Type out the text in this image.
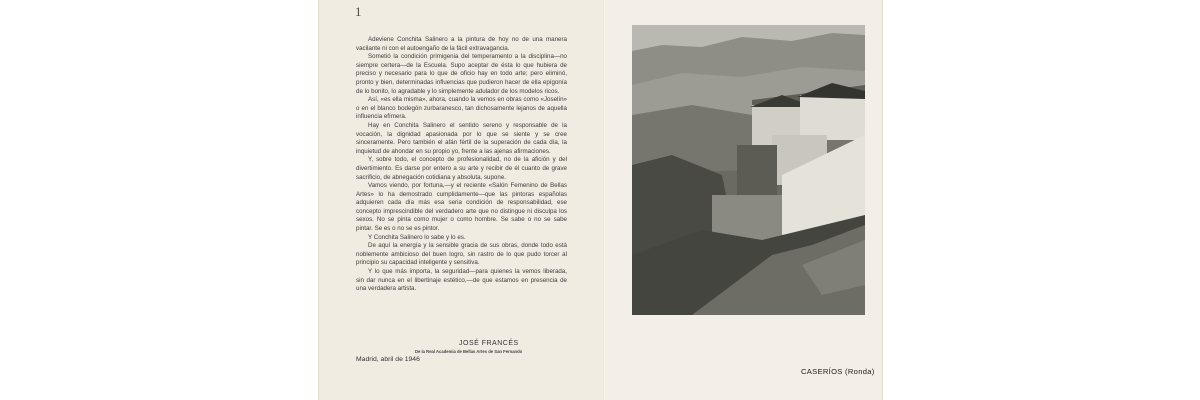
1

Adeviene Conchita Salinero a la pintura de hoy no de una manera vacilante ni con el autoengaño de la fácil extravagancia.

Sometió la condición primigenia del temperamento a la disciplina—no siempre certera—de la Escuela. Supo aceptar de ésta lo que hubiera de preciso y necesario para lo que de oficio hay en todo arte; pero eliminó, pronto y bien, determinadas influencias que pudieron hacer de ella epígonía de lo bonito, lo agradable y lo simplemente adulador de los modelos ricos.

Así, «es ella misma», ahora, cuando la vemos en obras como «Joselín» o en el blanco bodegón zurbaranesco, tan dichosamente lejanos de aquella influencia efímera.

Hay en Conchita Salinero el sentido sereno y responsable de la vocación, la dignidad apasionada por lo que se siente y se cree sinceramente. Pero también el afán fértil de la superación de cada día, la inquietud de ahondar en su propio yo, frente a las ajenas afirmaciones.

Y, sobre todo, el concepto de profesionalidad, no de la afición y del divertimiento. Es darse por entero a su arte y recibir de él cuanto de grave sacrificio, de abnegación cotidiana y absoluta, supone.

Vamos viendo, por fortuna,—y el reciente «Salón Femenino de Bellas Artes» lo ha demostrado cumplidamente—que las pintoras españolas adquieren cada día más esa seria condición de responsabilidad, ese concepto imprescindible del verdadero arte que no distingue ni disculpa los sexos. No se pinta como mujer o como hombre. Se sabe o no se sabe pintar. Se es o no se es pintor.

Y Conchita Salinero lo sabe y lo es.

De aquí la energía y la sensible gracia de sus obras, donde todo está noblemente ambicioso del buen logro, sin rastro de lo que pudo torcer al principio su capacidad inteligente y sensitiva.

Y lo que más importa, la seguridad—para quienes la vemos liberada, sin dar nunca en el libertinaje estético,—de que estamos en presencia de una verdadera artista.

JOSÉ FRANCÉS
De la Real Academia de Bellas Artes de San Fernando
Madrid, abril de 1946
CASERÍOS (Ronda)
